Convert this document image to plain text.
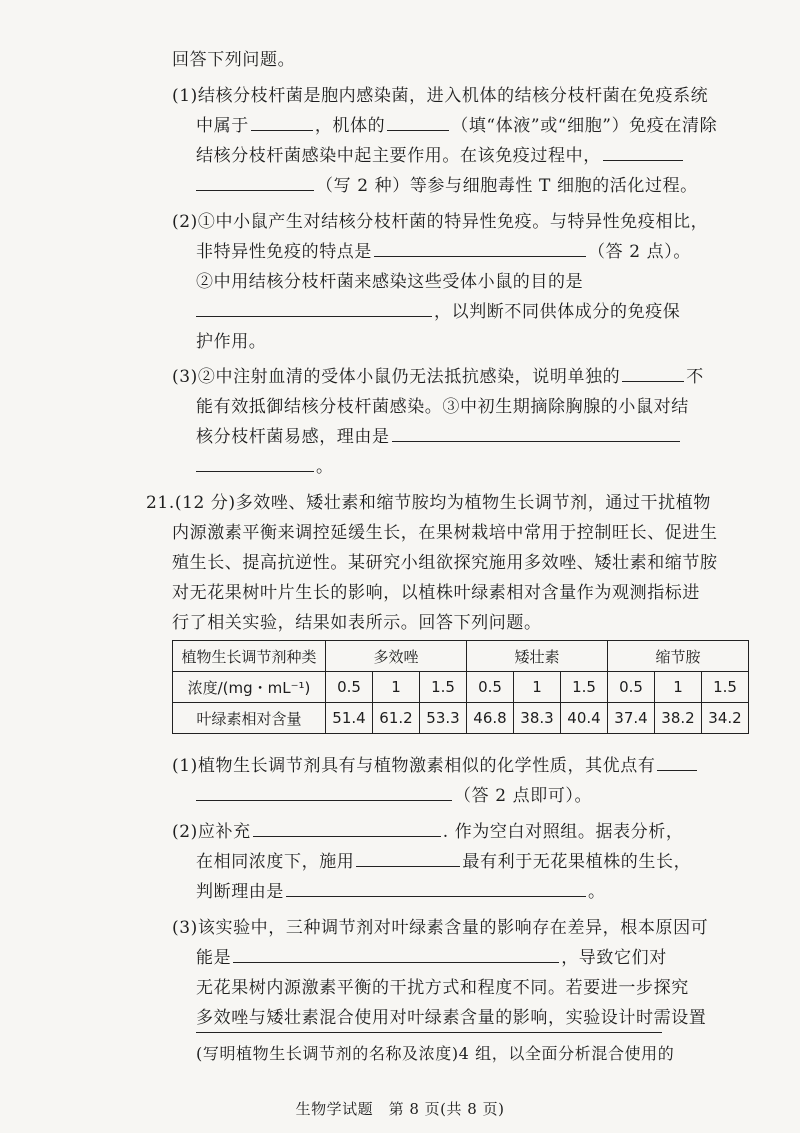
回答下列问题。
(1)结核分枝杆菌是胞内感染菌，进入机体的结核分枝杆菌在免疫系统
中属于	，机体的	（填“体液”或“细胞”）免疫在清除
结核分枝杆菌感染中起主要作用。在该免疫过程中，
（写 2 种）等参与细胞毒性 T 细胞的活化过程。
(2)①中小鼠产生对结核分枝杆菌的特异性免疫。与特异性免疫相比，
非特异性免疫的特点是	（答 2 点）。
②中用结核分枝杆菌来感染这些受体小鼠的目的是
，以判断不同供体成分的免疫保
护作用。
(3)②中注射血清的受体小鼠仍无法抵抗感染，说明单独的	不
能有效抵御结核分枝杆菌感染。③中初生期摘除胸腺的小鼠对结
核分枝杆菌易感，理由是
。
21.(12 分)多效唑、矮壮素和缩节胺均为植物生长调节剂，通过干扰植物
内源激素平衡来调控延缓生长，在果树栽培中常用于控制旺长、促进生
殖生长、提高抗逆性。某研究小组欲探究施用多效唑、矮壮素和缩节胺
植物生长调节剂种类	多效唑			矮壮素			缩节胺		
浓度/(mg・mL⁻¹)	0.5	1	1.5	0.5	1	1.5	0.5	1	1.5
叶绿素相对含量	51.4	61.2	53.3	46.8	38.3	40.4	37.4	38.2	34.2
对无花果树叶片生长的影响，以植株叶绿素相对含量作为观测指标进
行了相关实验，结果如表所示。回答下列问题。
(1)植物生长调节剂具有与植物激素相似的化学性质，其优点有
（答 2 点即可）。
(2)应补充	. 作为空白对照组。据表分析，
在相同浓度下，施用	最有利于无花果植株的生长，
判断理由是	。
(3)该实验中，三种调节剂对叶绿素含量的影响存在差异，根本原因可
能是	，导致它们对
无花果树内源激素平衡的干扰方式和程度不同。若要进一步探究
多效唑与矮壮素混合使用对叶绿素含量的影响，实验设计时需设置
(写明植物生长调节剂的名称及浓度)4 组，以全面分析混合使用的
生物学试题　第 8 页(共 8 页)
